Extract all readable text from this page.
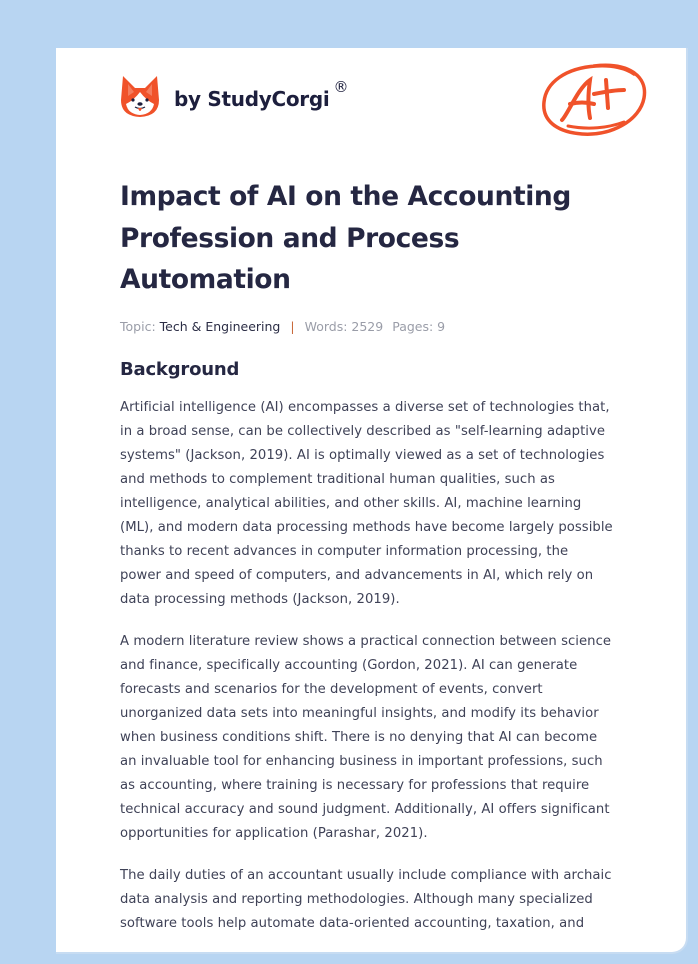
by StudyCorgi ®
Impact of AI on the Accounting
Profession and Process
Automation
Topic: Tech & Engineering | Words: 2529 Pages: 9
Background

Artificial intelligence (AI) encompasses a diverse set of technologies that,
in a broad sense, can be collectively described as "self-learning adaptive
systems" (Jackson, 2019). AI is optimally viewed as a set of technologies
and methods to complement traditional human qualities, such as
intelligence, analytical abilities, and other skills. AI, machine learning
(ML), and modern data processing methods have become largely possible
thanks to recent advances in computer information processing, the
power and speed of computers, and advancements in AI, which rely on
data processing methods (Jackson, 2019).

A modern literature review shows a practical connection between science
and finance, specifically accounting (Gordon, 2021). AI can generate
forecasts and scenarios for the development of events, convert
unorganized data sets into meaningful insights, and modify its behavior
when business conditions shift. There is no denying that AI can become
an invaluable tool for enhancing business in important professions, such
as accounting, where training is necessary for professions that require
technical accuracy and sound judgment. Additionally, AI offers significant
opportunities for application (Parashar, 2021).

The daily duties of an accountant usually include compliance with archaic
data analysis and reporting methodologies. Although many specialized
software tools help automate data-oriented accounting, taxation, and
